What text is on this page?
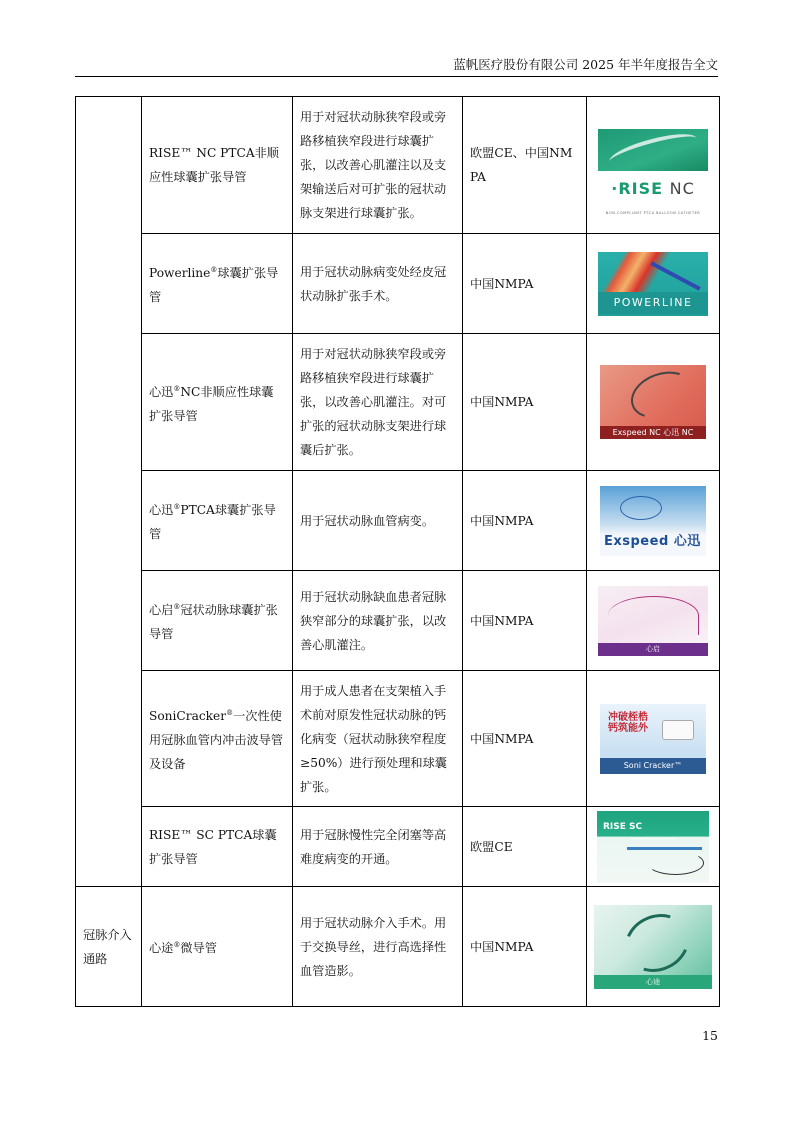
蓝帆医疗股份有限公司 2025 年半年度报告全文
	RISE™ NC PTCA非顺应性球囊扩张导管	用于对冠状动脉狭窄段或旁路移植狭窄段进行球囊扩张，以改善心肌灌注以及支架输送后对可扩张的冠状动脉支架进行球囊扩张。	欧盟CE、中国NMPA	·RISE NC
NON-COMPLIANT PTCA BALLOON CATHETER

	Powerline®球囊扩张导管	用于冠状动脉病变处经皮冠状动脉扩张手术。	中国NMPA	POWERLINE

	心迅®NC非顺应性球囊扩张导管	用于对冠状动脉狭窄段或旁路移植狭窄段进行球囊扩张，以改善心肌灌注。对可扩张的冠状动脉支架进行球囊后扩张。	中国NMPA	Exspeed NC 心迅 NC

	心迅®PTCA球囊扩张导管	用于冠状动脉血管病变。	中国NMPA	Exspeed 心迅

	心启®冠状动脉球囊扩张导管	用于冠状动脉缺血患者冠脉狭窄部分的球囊扩张，以改善心肌灌注。	中国NMPA	心启

	SoniCracker®一次性使用冠脉血管内冲击波导管及设备	用于成人患者在支架植入手术前对原发性冠状动脉的钙化病变（冠状动脉狭窄程度≥50%）进行预处理和球囊扩张。	中国NMPA	冲破桎梏
钙筑能外
Soni Cracker™

	RISE™ SC PTCA球囊扩张导管	用于冠脉慢性完全闭塞等高难度病变的开通。	欧盟CE	RISE SC
Let Your Expectations Rise

冠脉介入通路	心途®微导管	用于冠状动脉介入手术。用于交换导丝，进行高选择性血管造影。	中国NMPA	心途
15
